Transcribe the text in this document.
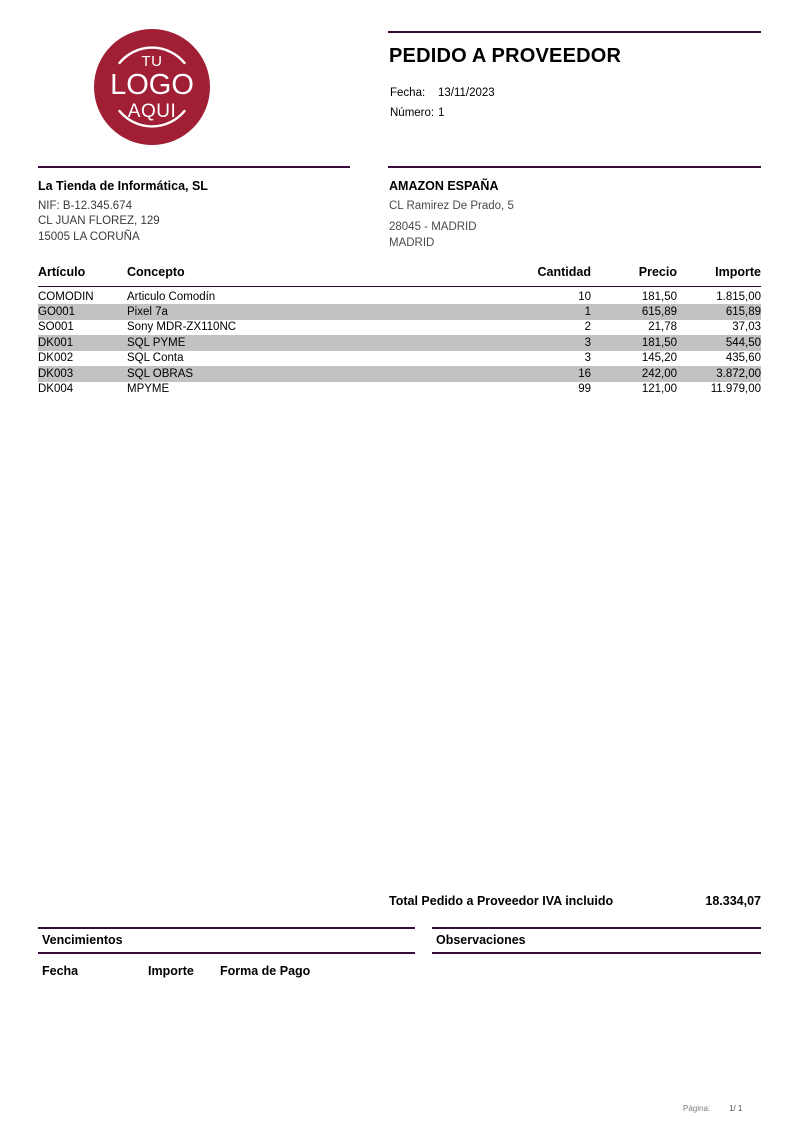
TU
LOGO
AQUI
PEDIDO A PROVEEDOR
Fecha: 13/11/2023
Número: 1
La Tienda de Informática, SL
NIF: B-12.345.674
CL JUAN FLOREZ, 129
15005 LA CORUÑA
AMAZON ESPAÑA
CL Ramirez De Prado, 5
28045 - MADRID
MADRID
Artículo	Concepto	Cantidad	Precio	Importe
COMODIN	Articulo Comodín	10	181,50	1.815,00
GO001	Pixel 7a	1	615,89	615,89
SO001	Sony MDR-ZX110NC	2	21,78	37,03
DK001	SQL PYME	3	181,50	544,50
DK002	SQL Conta	3	145,20	435,60
DK003	SQL OBRAS	16	242,00	3.872,00
DK004	MPYME	99	121,00	11.979,00
Total Pedido a Proveedor IVA incluido	18.334,07
Vencimientos
Fecha	Importe Forma de Pago
Observaciones
Página: 1/ 1
